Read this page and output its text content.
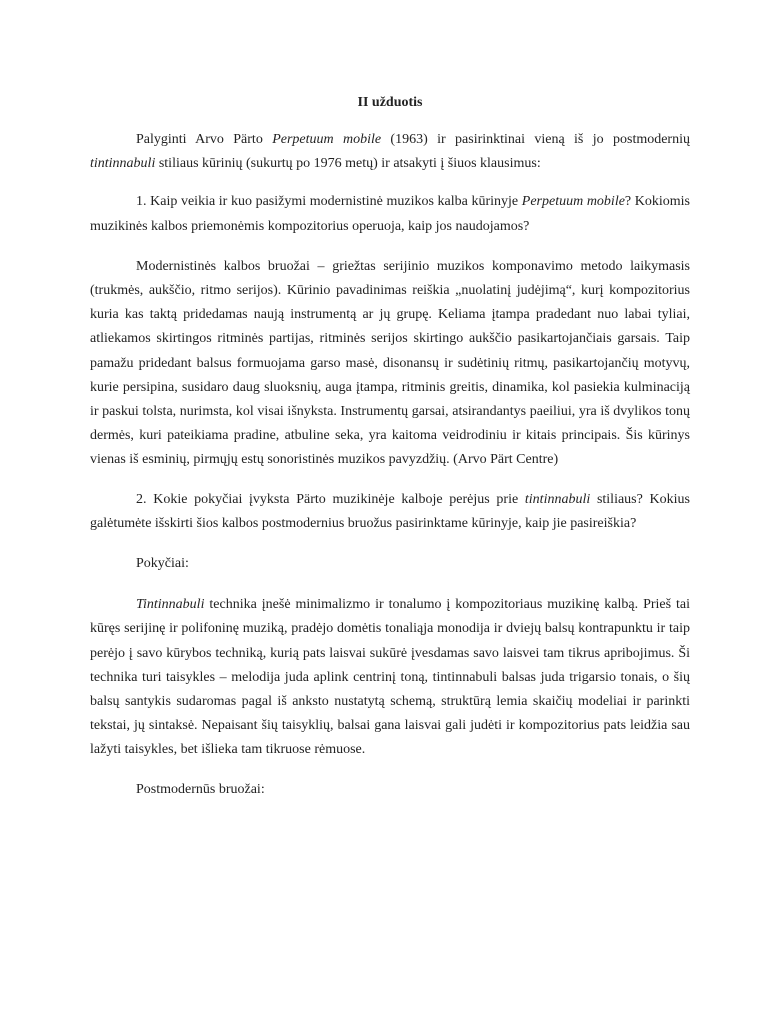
II užduotis

Palyginti Arvo Pärto Perpetuum mobile (1963) ir pasirinktinai vieną iš jo postmodernių tintinnabuli stiliaus kūrinių (sukurtų po 1976 metų) ir atsakyti į šiuos klausimus:

1. Kaip veikia ir kuo pasižymi modernistinė muzikos kalba kūrinyje Perpetuum mobile? Kokiomis muzikinės kalbos priemonėmis kompozitorius operuoja, kaip jos naudojamos?

Modernistinės kalbos bruožai – griežtas serijinio muzikos komponavimo metodo laikymasis (trukmės, aukščio, ritmo serijos). Kūrinio pavadinimas reiškia „nuolatinį judėjimą“, kurį kompozitorius kuria kas taktą pridedamas naują instrumentą ar jų grupę. Keliama įtampa pradedant nuo labai tyliai, atliekamos skirtingos ritminės partijas, ritminės serijos skirtingo aukščio pasikartojančiais garsais. Taip pamažu pridedant balsus formuojama garso masė, disonansų ir sudėtinių ritmų, pasikartojančių motyvų, kurie persipina, susidaro daug sluoksnių, auga įtampa, ritminis greitis, dinamika, kol pasiekia kulminaciją ir paskui tolsta, nurimsta, kol visai išnyksta. Instrumentų garsai, atsirandantys paeiliui, yra iš dvylikos tonų dermės, kuri pateikiama pradine, atbuline seka, yra kaitoma veidrodiniu ir kitais principais. Šis kūrinys vienas iš esminių, pirmųjų estų sonoristinės muzikos pavyzdžių. (Arvo Pärt Centre)

2. Kokie pokyčiai įvyksta Pärto muzikinėje kalboje perėjus prie tintinnabuli stiliaus? Kokius galėtumėte išskirti šios kalbos postmodernius bruožus pasirinktame kūrinyje, kaip jie pasireiškia?

Pokyčiai:

Tintinnabuli technika įnešė minimalizmo ir tonalumo į kompozitoriaus muzikinę kalbą. Prieš tai kūręs serijinę ir polifoninę muziką, pradėjo domėtis tonaliąja monodija ir dviejų balsų kontrapunktu ir taip perėjo į savo kūrybos techniką, kurią pats laisvai sukūrė įvesdamas savo laisvei tam tikrus apribojimus. Ši technika turi taisykles – melodija juda aplink centrinį toną, tintinnabuli balsas juda trigarsio tonais, o šių balsų santykis sudaromas pagal iš anksto nustatytą schemą, struktūrą lemia skaičių modeliai ir parinkti tekstai, jų sintaksė. Nepaisant šių taisyklių, balsai gana laisvai gali judėti ir kompozitorius pats leidžia sau lažyti taisykles, bet išlieka tam tikruose rėmuose.

Postmodernūs bruožai:
